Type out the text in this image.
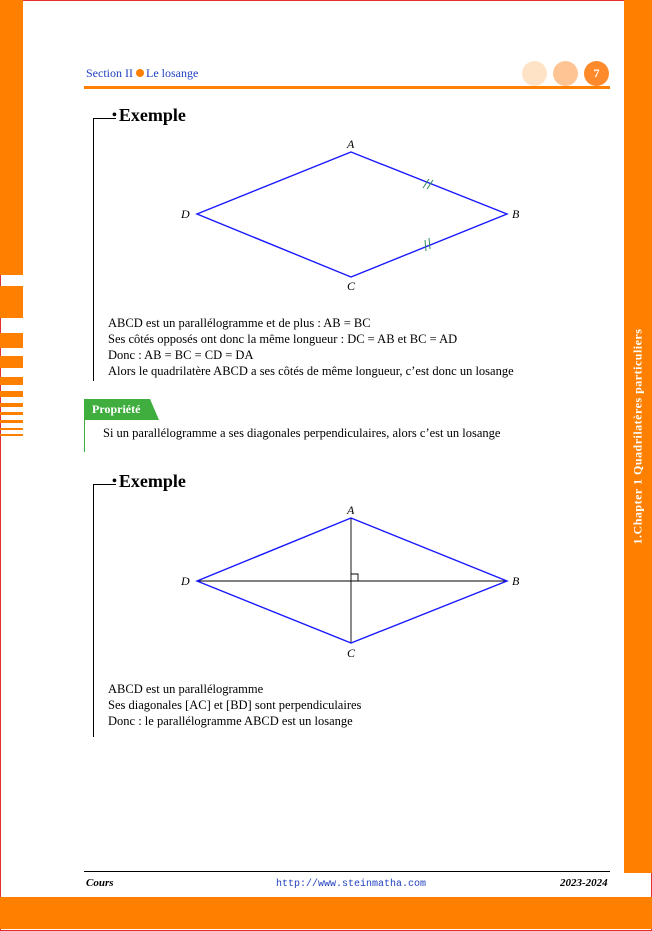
1.Chapter 1 Quadrilatères particuliers
Section II Le losange	7
• Exemple
A
B
C
D
ABCD est un parallélogramme et de plus : AB = BC
Ses côtés opposés ont donc la même longueur : DC = AB et BC = AD
Donc : AB = BC = CD = DA
Alors le quadrilatère ABCD a ses côtés de même longueur, c’est donc un losange
Propriété
Si un parallélogramme a ses diagonales perpendiculaires, alors c’est un losange
• Exemple
A
B
C
D
ABCD est un parallélogramme
Ses diagonales [AC] et [BD] sont perpendiculaires
Donc : le parallélogramme ABCD est un losange
Cours	http://www.steinmatha.com	2023-2024
